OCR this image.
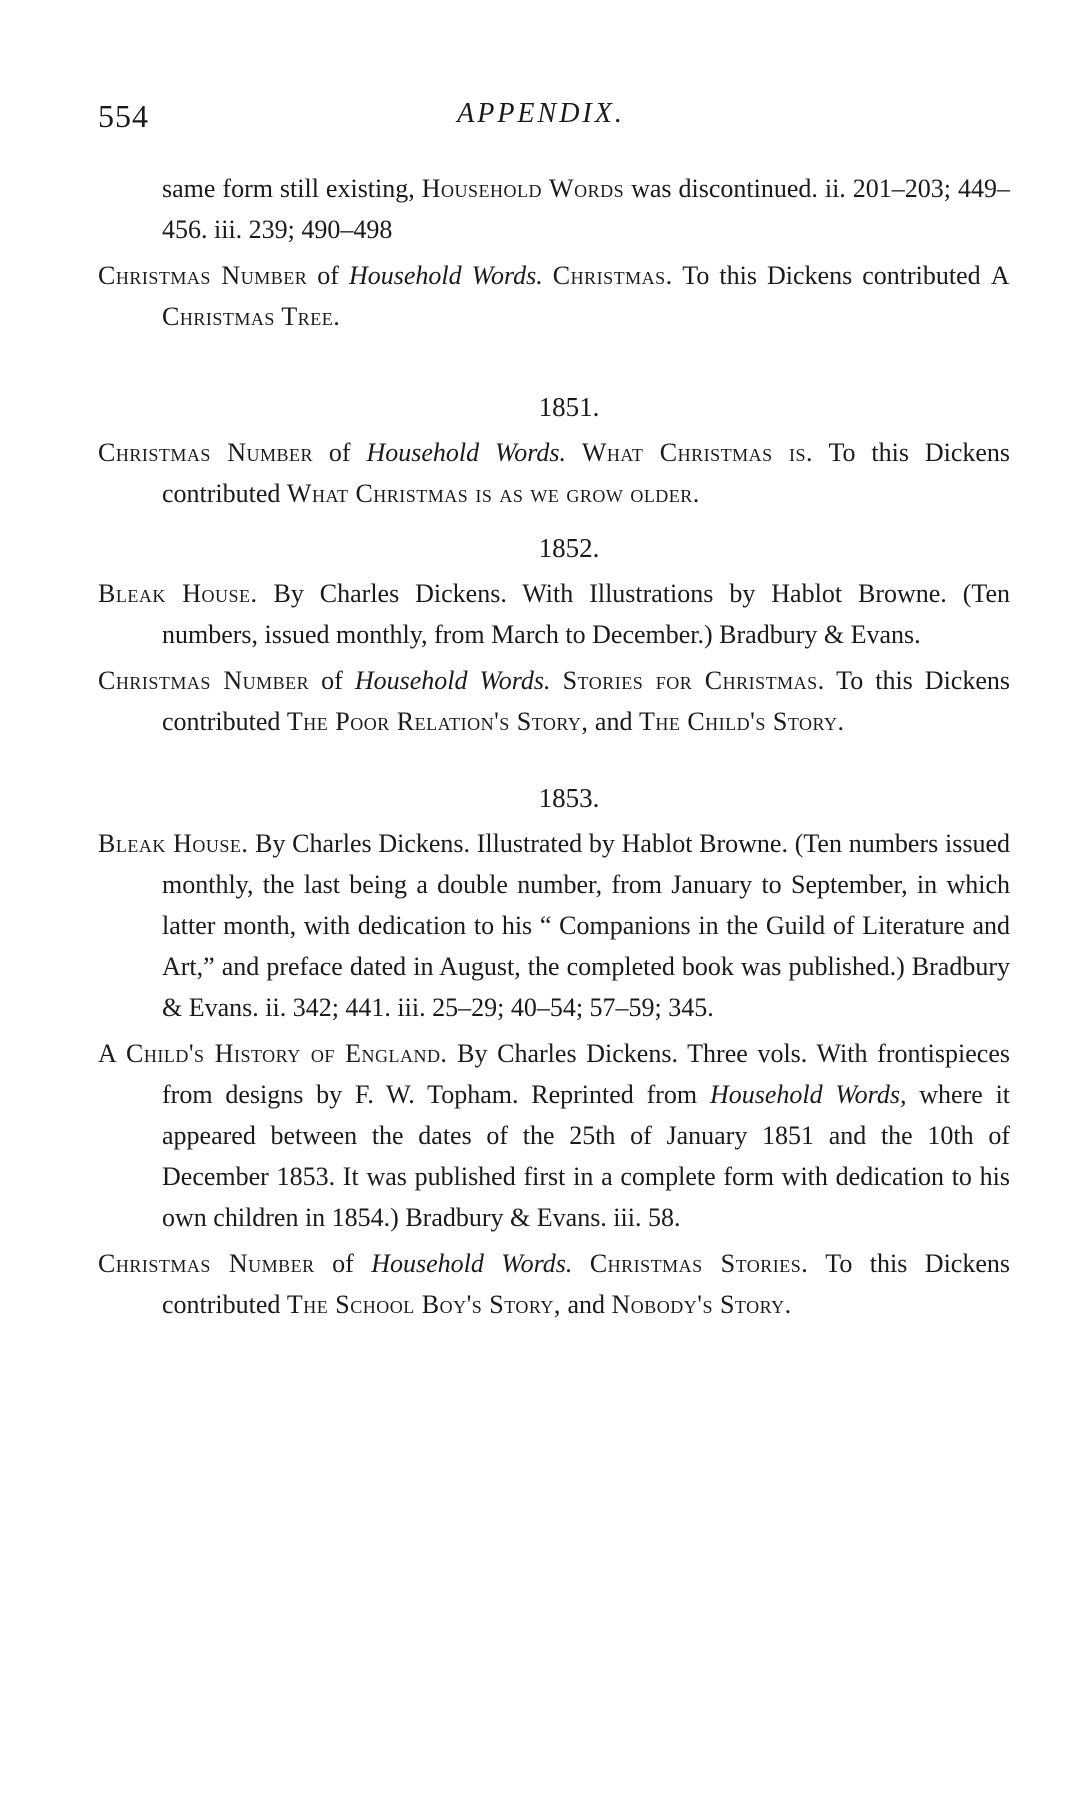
554	APPENDIX.

same form still existing, Household Words was discontinued. ii. 201–203; 449–456. iii. 239; 490–498

Christmas Number of Household Words. Christmas. To this Dickens contributed A Christmas Tree.

1851.

Christmas Number of Household Words. What Christmas is. To this Dickens contributed What Christmas is as we grow older.

1852.

Bleak House. By Charles Dickens. With Illustrations by Hablot Browne. (Ten numbers, issued monthly, from March to December.) Bradbury & Evans.

Christmas Number of Household Words. Stories for Christmas. To this Dickens contributed The Poor Relation's Story, and The Child's Story.

1853.

Bleak House. By Charles Dickens. Illustrated by Hablot Browne. (Ten numbers issued monthly, the last being a double number, from January to September, in which latter month, with dedication to his “ Companions in the Guild of Literature and Art,” and preface dated in August, the completed book was published.) Bradbury & Evans. ii. 342; 441. iii. 25–29; 40–54; 57–59; 345.

A Child's History of England. By Charles Dickens. Three vols. With frontispieces from designs by F. W. Topham. Reprinted from Household Words, where it appeared between the dates of the 25th of January 1851 and the 10th of December 1853. It was published first in a complete form with dedication to his own children in 1854.) Bradbury & Evans. iii. 58.

Christmas Number of Household Words. Christmas Stories. To this Dickens contributed The School Boy's Story, and Nobody's Story.
